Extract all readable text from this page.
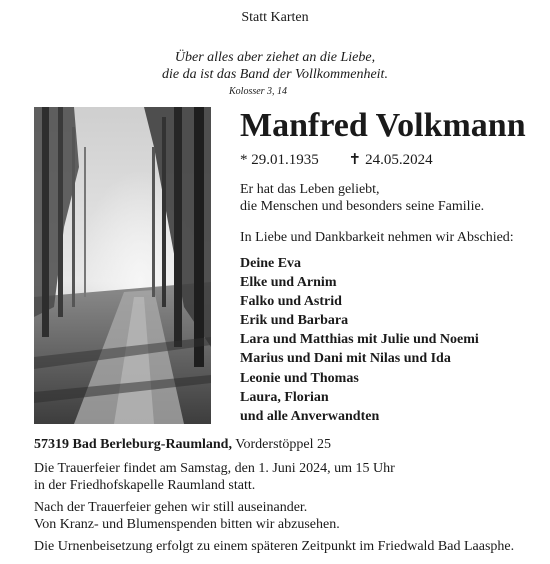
Statt Karten
Über alles aber ziehet an die Liebe,
die da ist das Band der Vollkommenheit.
Kolosser 3, 14
Manfred Volkmann
* 29.01.1935 ✝ 24.05.2024
Er hat das Leben geliebt,
die Menschen und besonders seine Familie.
In Liebe und Dankbarkeit nehmen wir Abschied:
Deine Eva
Elke und Arnim
Falko und Astrid
Erik und Barbara
Lara und Matthias mit Julie und Noemi
Marius und Dani mit Nilas und Ida
Leonie und Thomas
Laura, Florian
und alle Anverwandten
57319 Bad Berleburg-Raumland, Vorderstöppel 25
Die Trauerfeier findet am Samstag, den 1. Juni 2024, um 15 Uhr
in der Friedhofskapelle Raumland statt.
Nach der Trauerfeier gehen wir still auseinander.
Von Kranz- und Blumenspenden bitten wir abzusehen.
Die Urnenbeisetzung erfolgt zu einem späteren Zeitpunkt im Friedwald Bad Laasphe.
